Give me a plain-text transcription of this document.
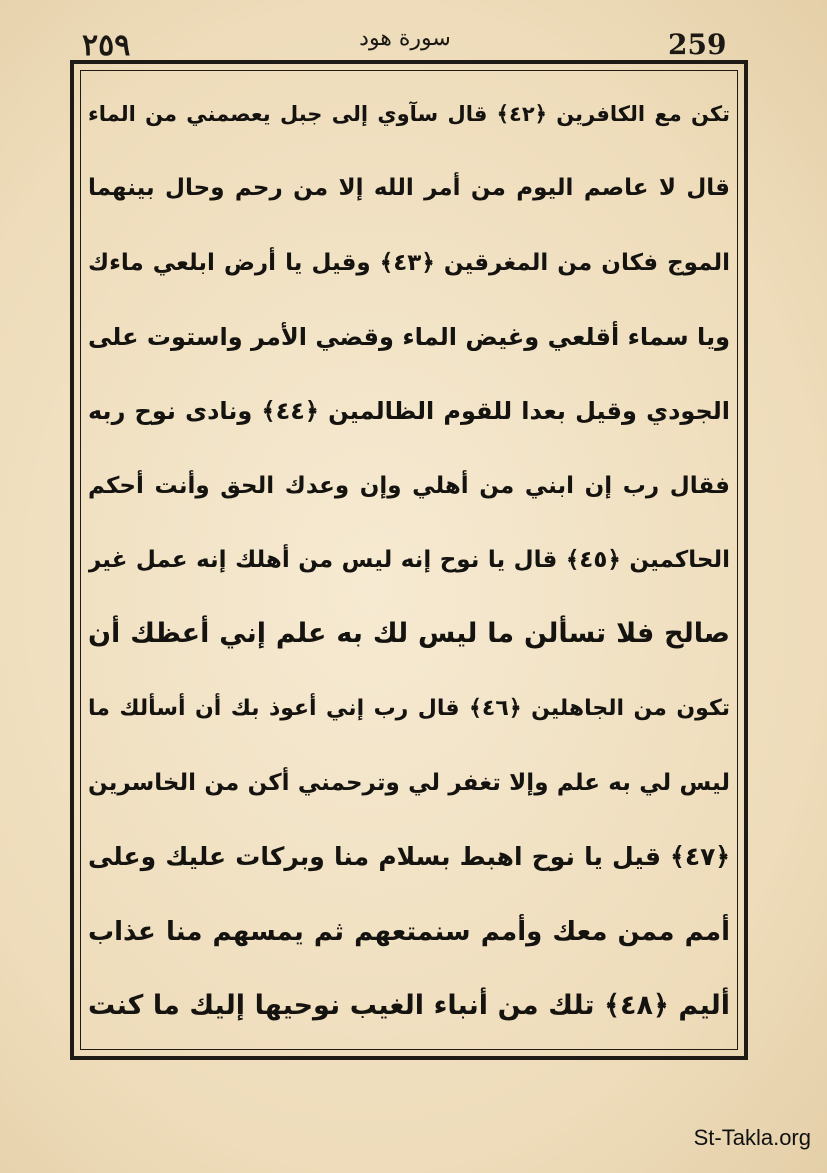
٢٥٩	سورة هود	259
تكن مع الكافرين ﴿٤٢﴾ قال سآوي إلى جبل يعصمني من الماء
قال لا عاصم اليوم من أمر الله إلا من رحم وحال بينهما
الموج فكان من المغرقين ﴿٤٣﴾ وقيل يا أرض ابلعي ماءك
ويا سماء أقلعي وغيض الماء وقضي الأمر واستوت على
الجودي وقيل بعدا للقوم الظالمين ﴿٤٤﴾ ونادى نوح ربه
فقال رب إن ابني من أهلي وإن وعدك الحق وأنت أحكم
الحاكمين ﴿٤٥﴾ قال يا نوح إنه ليس من أهلك إنه عمل غير
صالح فلا تسألن ما ليس لك به علم إني أعظك أن
تكون من الجاهلين ﴿٤٦﴾ قال رب إني أعوذ بك أن أسألك ما
ليس لي به علم وإلا تغفر لي وترحمني أكن من الخاسرين
﴿٤٧﴾ قيل يا نوح اهبط بسلام منا وبركات عليك وعلى
أمم ممن معك وأمم سنمتعهم ثم يمسهم منا عذاب
أليم ﴿٤٨﴾ تلك من أنباء الغيب نوحيها إليك ما كنت
St-Takla.org
